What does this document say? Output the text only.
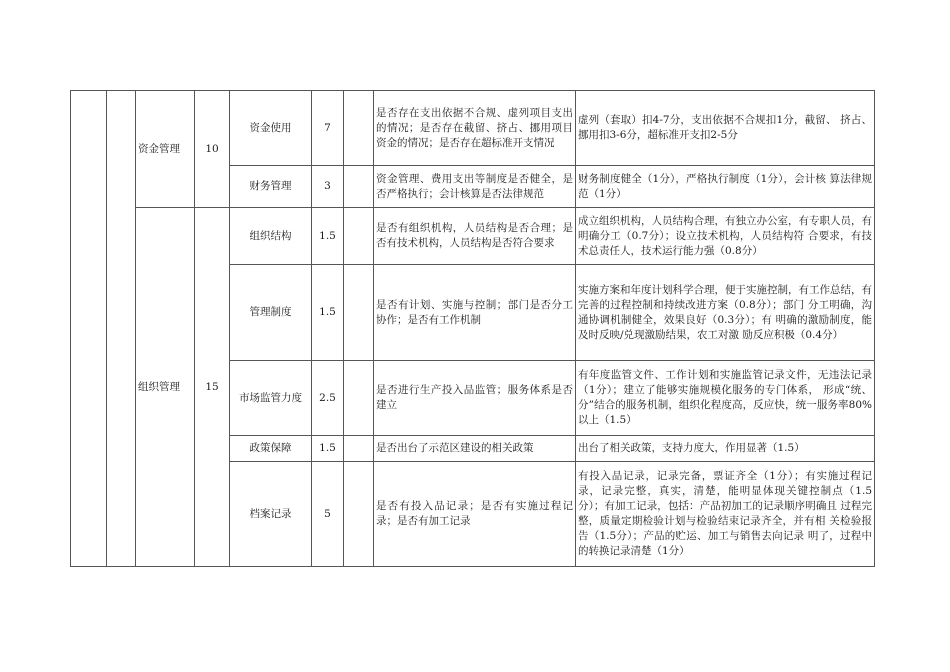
		资金管理	10	资金使用	7		是否存在支出依据不合规、虚列项目支出的情况；是否存在截留、挤占、挪用项目资金的情况；是否存在超标准开支情况	虚列（套取）扣4-7分，支出依据不合规扣1分，截留、 挤占、挪用扣3-6分，超标准开支扣2-5分

				财务管理	3		资金管理、费用支出等制度是否健全，是否严格执行；会计核算是否法律规范	财务制度健全（1分），严格执行制度（1分），会计核 算法律规范（1分）

		组织管理	15	组织结构	1.5		是否有组织机构，人员结构是否合理；是否有技术机构，人员结构是否符合要求	成立组织机构，人员结构合理，有独立办公室，有专职人员，有明确分工（0.7分）；设立技术机构，人员结构符 合要求，有技术总责任人，技术运行能力强（0.8分）

				管理制度	1.5		是否有计划、实施与控制；部门是否分工协作；是否有工作机制	实施方案和年度计划科学合理，便于实施控制，有工作总结，有完善的过程控制和持续改进方案（0.8分）；部门 分工明确，沟通协调机制健全，效果良好（0.3分）；有 明确的激励制度，能及时反映/兑现激励结果，农工对激 励反应积极（0.4分）

				市场监管力度	2.5		是否进行生产投入品监管；服务体系是否建立	有年度监管文件、工作计划和实施监管记录文件，无违法记录（1分）；建立了能够实施规模化服务的专门体系， 形成“统、分”结合的服务机制，组织化程度高，反应快，统一服务率80%以上（1.5）

				政策保障	1.5		是否出台了示范区建设的相关政策	出台了相关政策，支持力度大，作用显著（1.5）

				档案记录	5		是否有投入品记录；是否有实施过程记录；是否有加工记录	有投入品记录，记录完备，票证齐全（1分）；有实施过程记录，记录完整，真实，清楚，能明显体现关键控制点（1.5分）；有加工记录，包括：产品初加工的记录顺序明确且 过程完整，质量定期检验计划与检验结束记录齐全，并有相 关检验报告（1.5分）；产品的贮运、加工与销售去向记录 明了，过程中的转换记录清楚（1分）
